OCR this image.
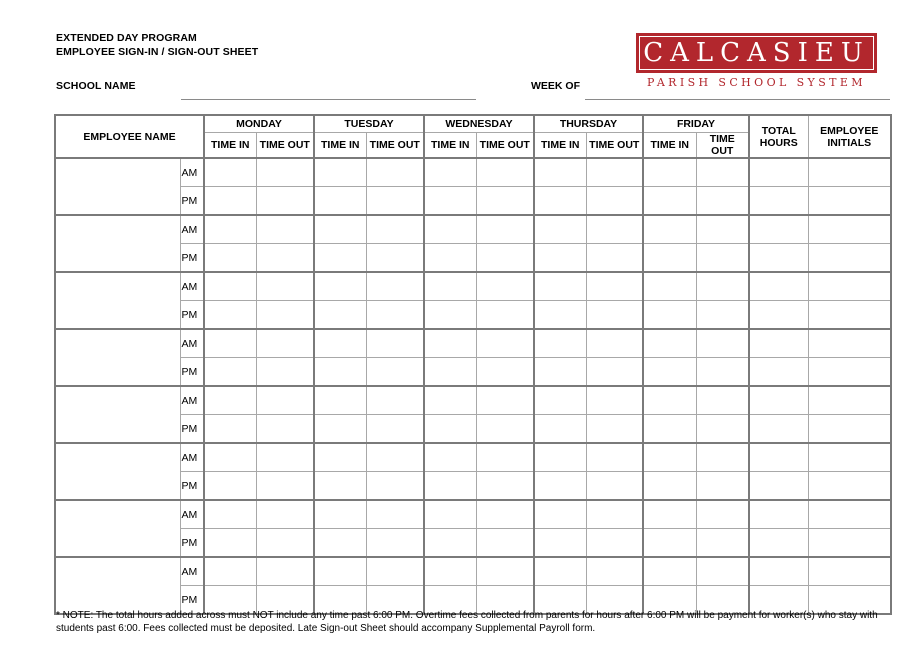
EXTENDED DAY PROGRAM
EMPLOYEE SIGN-IN / SIGN-OUT SHEET
SCHOOL NAME	WEEK OF
CALCASIEU
PARISH SCHOOL SYSTEM
EMPLOYEE NAME		MONDAY		TUESDAY		WEDNESDAY		THURSDAY		FRIDAY		TOTAL HOURS	EMPLOYEE INITIALS
		TIME IN	TIME OUT	TIME IN	TIME OUT	TIME IN	TIME OUT	TIME IN	TIME OUT	TIME IN	TIME OUT		
	AM												
	PM												
	AM												
	PM												
	AM												
	PM												
	AM												
	PM												
	AM												
	PM												
	AM												
	PM												
	AM												
	PM												
	AM												
	PM												
* NOTE: The total hours added across must NOT include any time past 6:00 PM. Overtime fees collected from parents for hours after 6:00 PM will be payment for worker(s) who stay with students past 6:00. Fees collected must be deposited. Late Sign-out Sheet should accompany Supplemental Payroll form.
